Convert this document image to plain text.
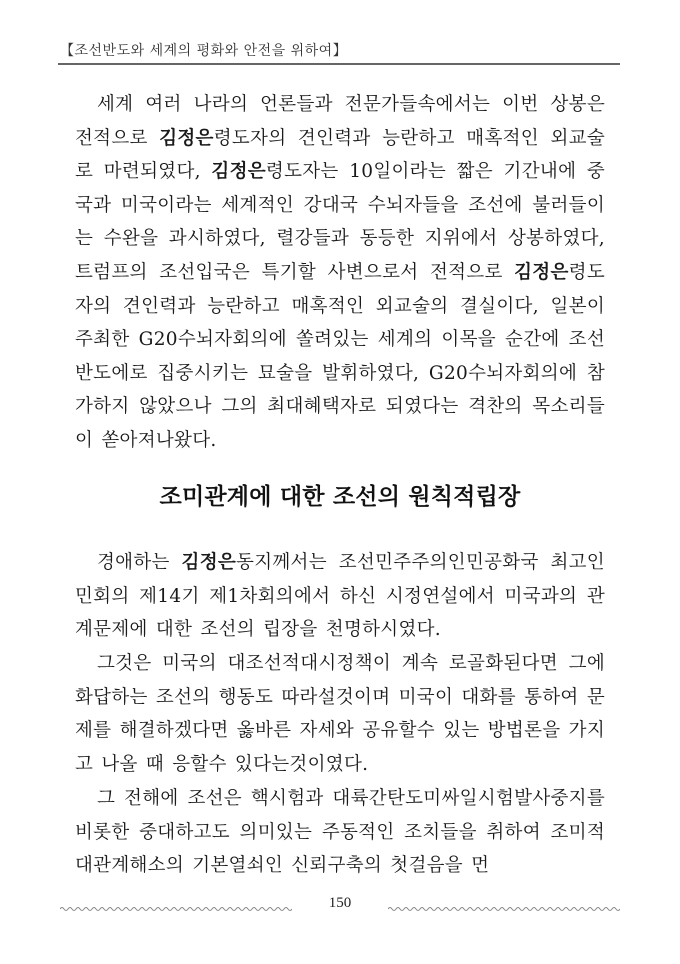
【조선반도와 세계의 평화와 안전을 위하여】

세계 여러 나라의 언론들과 전문가들속에서는 이번 상봉은 전적으로 김정은령도자의 견인력과 능란하고 매혹적인 외교술로 마련되였다, 김정은령도자는 10일이라는 짧은 기간내에 중국과 미국이라는 세계적인 강대국 수뇌자들을 조선에 불러들이는 수완을 과시하였다, 렬강들과 동등한 지위에서 상봉하였다, 트럼프의 조선입국은 특기할 사변으로서 전적으로 김정은령도자의 견인력과 능란하고 매혹적인 외교술의 결실이다, 일본이 주최한 G20수뇌자회의에 쏠려있는 세계의 이목을 순간에 조선반도에로 집중시키는 묘술을 발휘하였다, G20수뇌자회의에 참가하지 않았으나 그의 최대혜택자로 되였다는 격찬의 목소리들이 쏟아져나왔다.

조미관계에 대한 조선의 원칙적립장

경애하는 김정은동지께서는 조선민주주의인민공화국 최고인민회의 제14기 제1차회의에서 하신 시정연설에서 미국과의 관계문제에 대한 조선의 립장을 천명하시였다.

그것은 미국의 대조선적대시정책이 계속 로골화된다면 그에 화답하는 조선의 행동도 따라설것이며 미국이 대화를 통하여 문제를 해결하겠다면 옳바른 자세와 공유할수 있는 방법론을 가지고 나올 때 응할수 있다는것이였다.

그 전해에 조선은 핵시험과 대륙간탄도미싸일시험발사중지를 비롯한 중대하고도 의미있는 주동적인 조치들을 취하여 조미적대관계해소의 기본열쇠인 신뢰구축의 첫걸음을 먼

150
